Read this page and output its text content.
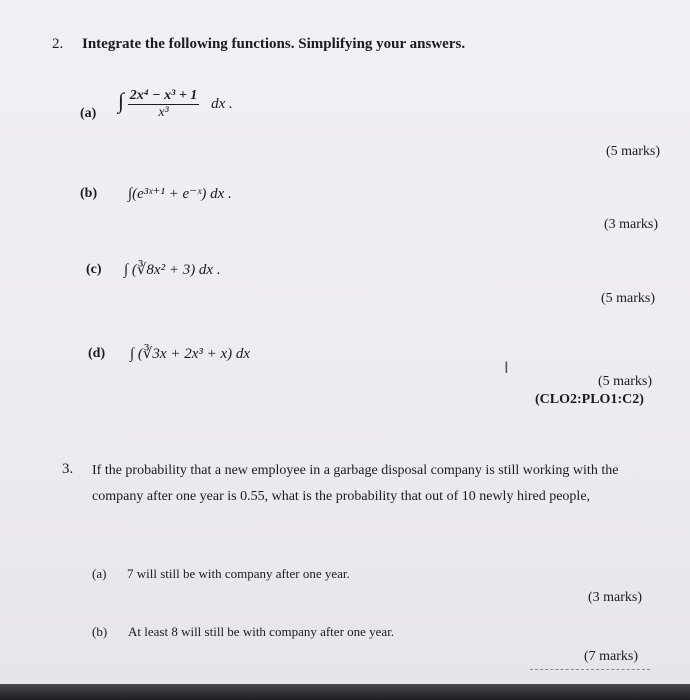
2. Integrate the following functions. Simplifying your answers.
(a)
∫ $\frac{\text{2x⁴ − x³ + 1}}{\text{x³}}$ dx .
(5 marks)
(b) ∫(e³ˣ⁺¹ + e⁻ˣ) dx .
(3 marks)
(c) ∫ (∛8x² + 3) dx .
(5 marks)
(d) ∫ (∛3x + 2x³ + x) dx
I
(5 marks)
(CLO2:PLO1:C2)
3. If the probability that a new employee in a garbage disposal company is still working with the company after one year is 0.55, what is the probability that out of 10 newly hired people,
(a) 7 will still be with company after one year.
(3 marks)
(b) At least 8 will still be with company after one year.
(7 marks)
